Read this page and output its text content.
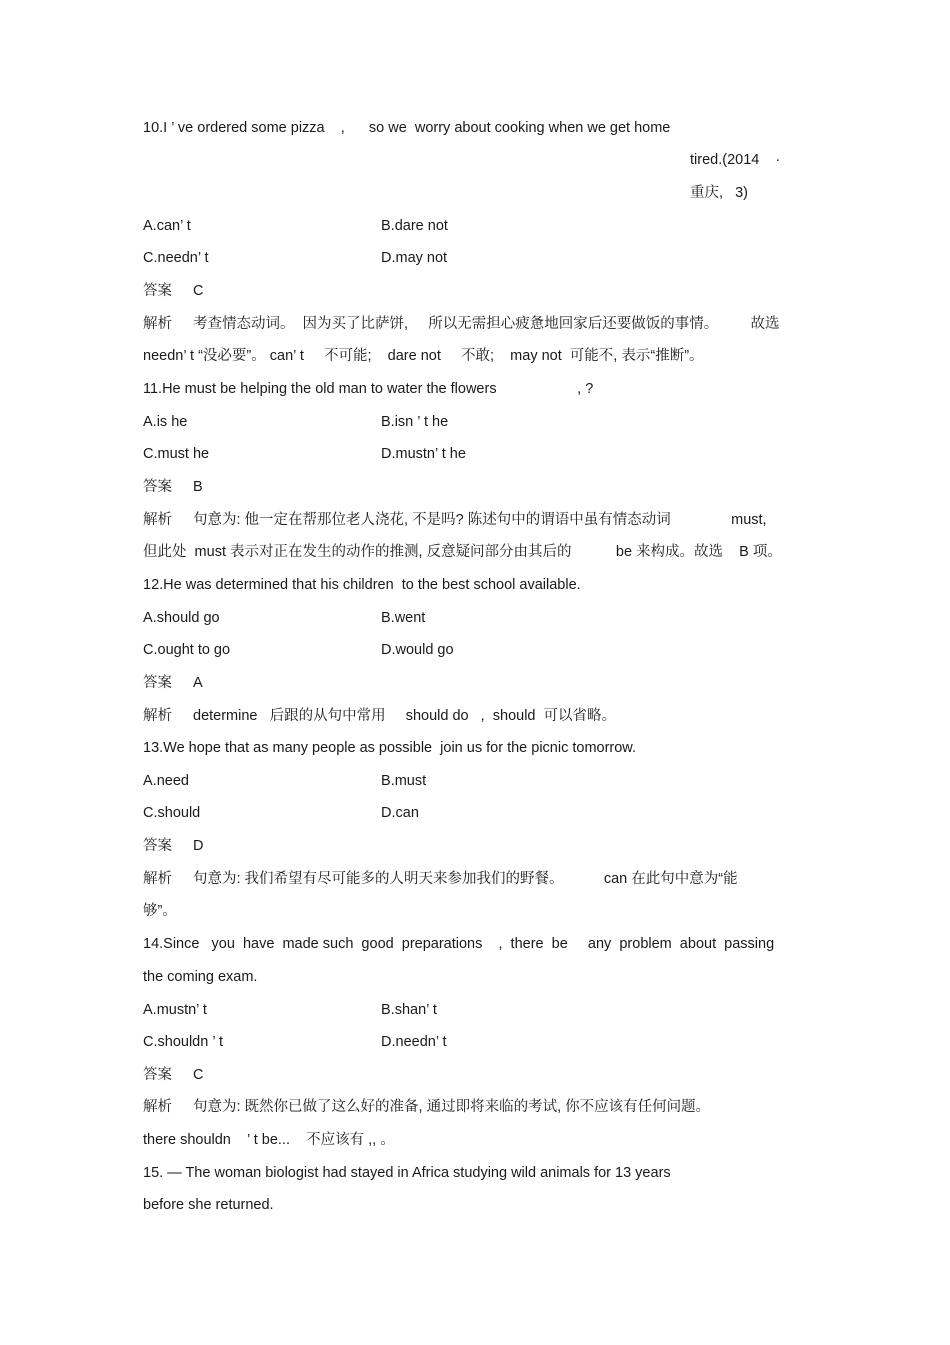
10.I ’ ve ordered some pizza    ,      so we  worry about cooking when we get home
tired.(2014    ·
重庆,   3)
A.can’ t	B.dare not
C.needn’ t	D.may not
答案 C
解析 考查情态动词。  因为买了比萨饼,     所以无需担心疲惫地回家后还要做饭的事情。        故选
needn’ t “没必要”。 can’ t     不可能;    dare not     不敢;    may not  可能不, 表示“推断”。
11.He must be helping the old man to water the flowers                    , ?
A.is he	B.isn ’ t he
C.must he	D.mustn’ t he
答案 B
解析 句意为: 他一定在帮那位老人浇花, 不是吗? 陈述句中的谓语中虽有情态动词               must,
但此处  must 表示对正在发生的动作的推测, 反意疑问部分由其后的           be 来构成。故选    B 项。
12.He was determined that his children  to the best school available.
A.should go	B.went
C.ought to go	D.would go
答案 A
解析 determine   后跟的从句中常用     should do   ,  should  可以省略。
13.We hope that as many people as possible  join us for the picnic tomorrow.
A.need	B.must
C.should	D.can
答案 D
解析 句意为: 我们希望有尽可能多的人明天来参加我们的野餐。          can 在此句中意为“能
够”。
14.Since   you  have  made such  good  preparations    ,  there  be     any  problem  about  passing
the coming exam.
A.mustn’ t	B.shan’ t
C.shouldn ’ t	D.needn’ t
答案 C
解析 句意为: 既然你已做了这么好的准备, 通过即将来临的考试, 你不应该有任何问题。
there shouldn    ’ t be...    不应该有 ,, 。
15. — The woman biologist had stayed in Africa studying wild animals for 13 years
before she returned.
